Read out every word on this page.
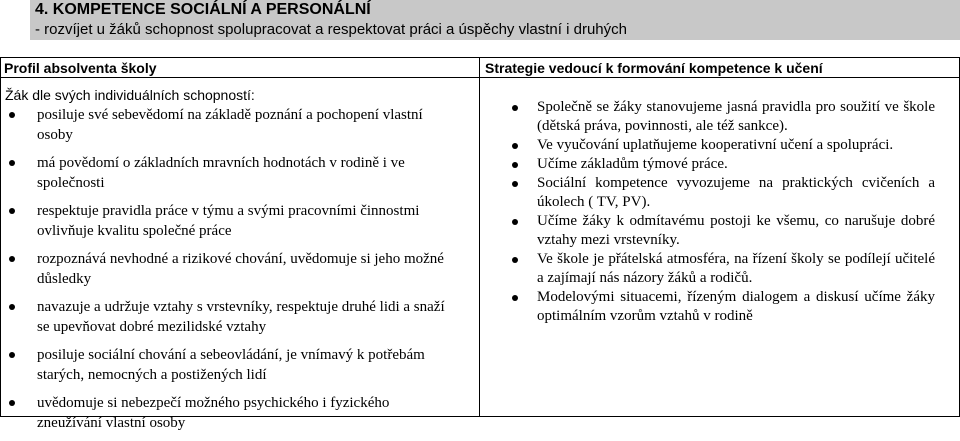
4. KOMPETENCE SOCIÁLNÍ A PERSONÁLNÍ
- rozvíjet u žáků schopnost spolupracovat a respektovat práci a úspěchy vlastní i druhých
Profil absolventa školy	Strategie vedoucí k formování kompetence k učení
Žák dle svých individuálních schopností:
posiluje své sebevědomí na základě poznání a pochopení vlastní osoby
má povědomí o základních mravních hodnotách v rodině i ve společnosti
respektuje pravidla práce v týmu a svými pracovními činnostmi ovlivňuje kvalitu společné práce
rozpoznává nevhodné a rizikové chování, uvědomuje si jeho možné důsledky
navazuje a udržuje vztahy s vrstevníky, respektuje druhé lidi a snaží se upevňovat dobré mezilidské vztahy
posiluje sociální chování a sebeovládání, je vnímavý k potřebám starých, nemocných a postižených lidí
uvědomuje si nebezpečí možného psychického i fyzického zneužívání vlastní osoby
Společně se žáky stanovujeme jasná pravidla pro soužití ve škole (dětská práva, povinnosti, ale též sankce).
Ve vyučování uplatňujeme kooperativní učení a spolupráci.
Učíme základům týmové práce.
Sociální kompetence vyvozujeme na praktických cvičeních a úkolech ( TV, PV).
Učíme žáky k odmítavému postoji ke všemu, co narušuje dobré vztahy mezi vrstevníky.
Ve škole je přátelská atmosféra, na řízení školy se podílejí učitelé a zajímají nás názory žáků a rodičů.
Modelovými situacemi, řízeným dialogem a diskusí učíme žáky optimálním vzorům vztahů v rodině
